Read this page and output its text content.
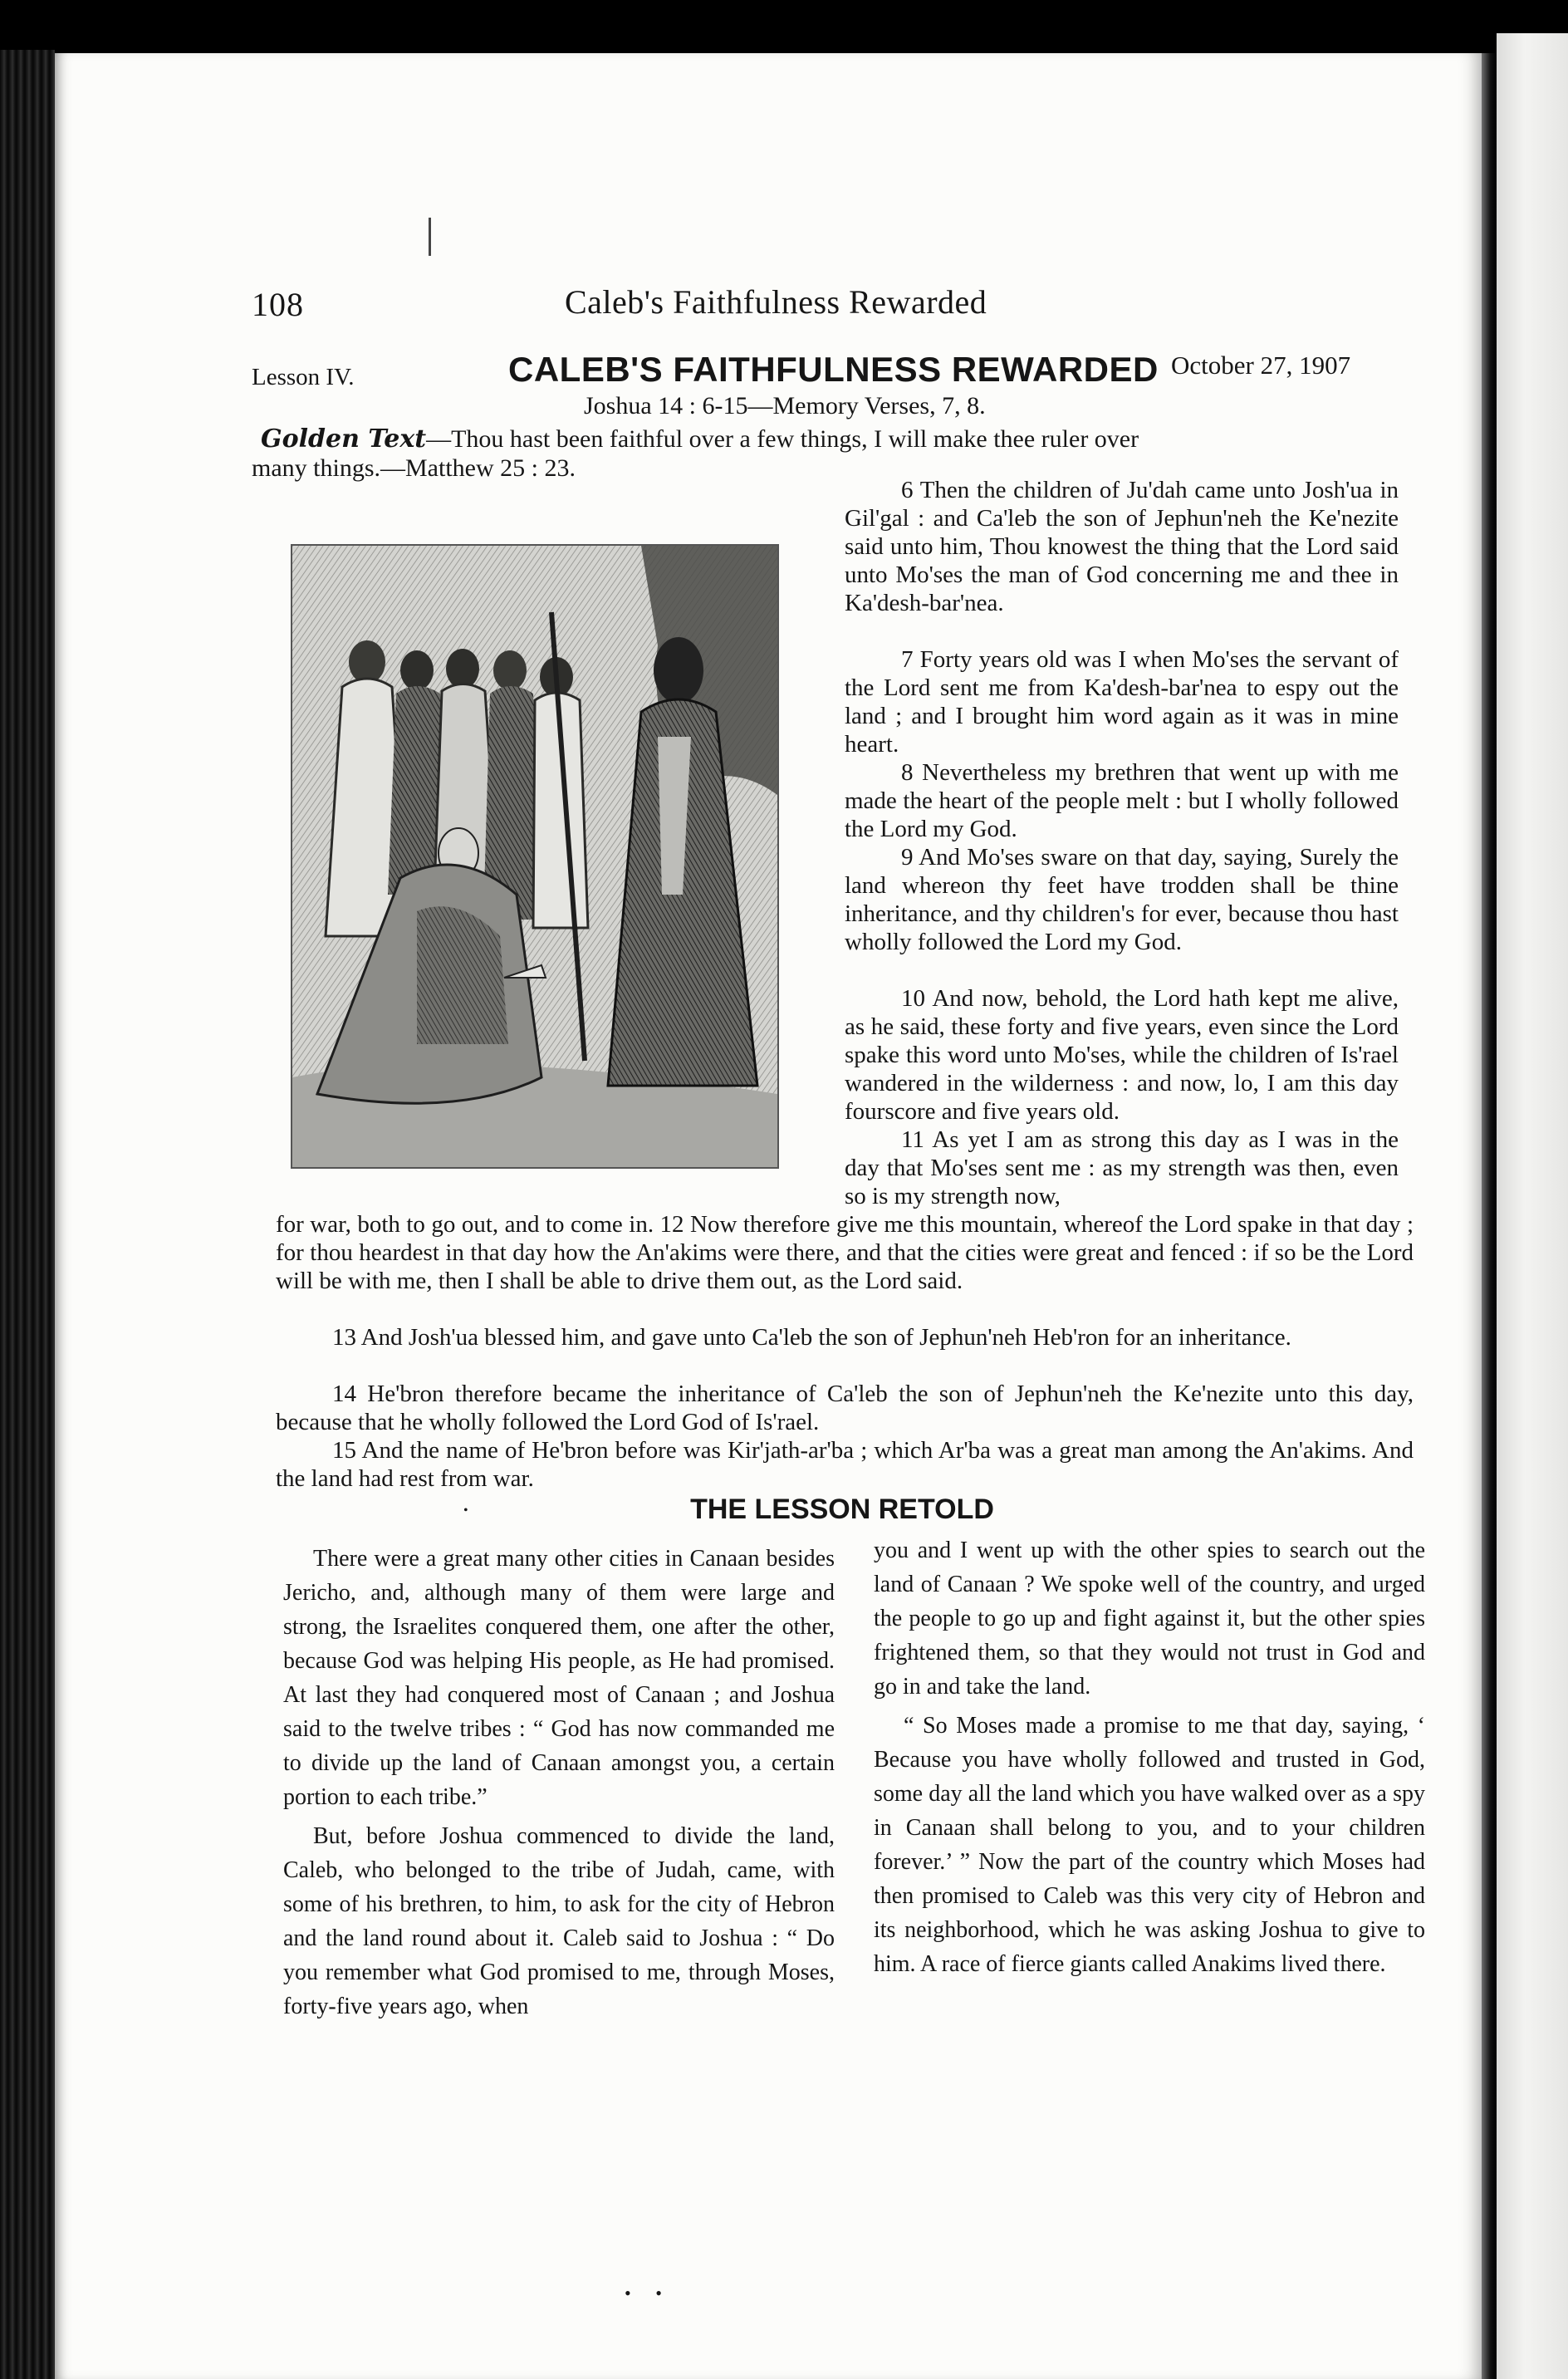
108	Caleb's Faithfulness Rewarded
Lesson IV.	CALEB'S FAITHFULNESS REWARDED October 27, 1907
Joshua 14 : 6-15—Memory Verses, 7, 8.

Golden Text—Thou hast been faithful over a few things, I will make thee ruler over

many things.—Matthew 25 : 23.

6 Then the children of Ju'dah came unto Josh'ua in Gil'gal : and Ca'leb the son of Jephun'neh the Ke'nezite said unto him, Thou knowest the thing that the Lord said unto Mo'ses the man of God concerning me and thee in Ka'desh-bar'nea.

7 Forty years old was I when Mo'ses the servant of the Lord sent me from Ka'desh-bar'nea to espy out the land ; and I brought him word again as it was in mine heart.

8 Nevertheless my brethren that went up with me made the heart of the people melt : but I wholly followed the Lord my God.

9 And Mo'ses sware on that day, saying, Surely the land whereon thy feet have trodden shall be thine inheritance, and thy children's for ever, because thou hast wholly followed the Lord my God.

10 And now, behold, the Lord hath kept me alive, as he said, these forty and five years, even since the Lord spake this word unto Mo'ses, while the children of Is'rael wandered in the wilderness : and now, lo, I am this day fourscore and five years old.

11 As yet I am as strong this day as I was in the day that Mo'ses sent me : as my strength was then, even so is my strength now,

for war, both to go out, and to come in. 12 Now therefore give me this mountain, whereof the Lord spake in that day ; for thou heardest in that day how the An'akims were there, and that the cities were great and fenced : if so be the Lord will be with me, then I shall be able to drive them out, as the Lord said.

13 And Josh'ua blessed him, and gave unto Ca'leb the son of Jephun'neh Heb'ron for an inheritance.

14 He'bron therefore became the inheritance of Ca'leb the son of Jephun'neh the Ke'nezite unto this day, because that he wholly followed the Lord God of Is'rael.

15 And the name of He'bron before was Kir'jath-ar'ba ; which Ar'ba was a great man among the An'akims. And the land had rest from war.

•	THE LESSON RETOLD

There were a great many other cities in Canaan besides Jericho, and, although many of them were large and strong, the Israelites conquered them, one after the other, because God was helping His people, as He had promised. At last they had conquered most of Canaan ; and Joshua said to the twelve tribes : “ God has now commanded me to divide up the land of Canaan amongst you, a certain portion to each tribe.”

But, before Joshua commenced to divide the land, Caleb, who belonged to the tribe of Judah, came, with some of his brethren, to him, to ask for the city of Hebron and the land round about it. Caleb said to Joshua : “ Do you remember what God promised to me, through Moses, forty-five years ago, when

you and I went up with the other spies to search out the land of Canaan ? We spoke well of the country, and urged the people to go up and fight against it, but the other spies frightened them, so that they would not trust in God and go in and take the land.

“ So Moses made a promise to me that day, saying, ‘ Because you have wholly followed and trusted in God, some day all the land which you have walked over as a spy in Canaan shall belong to you, and to your children forever.’ ” Now the part of the country which Moses had then promised to Caleb was this very city of Hebron and its neighborhood, which he was asking Joshua to give to him. A race of fierce giants called Anakims lived there.

• •
